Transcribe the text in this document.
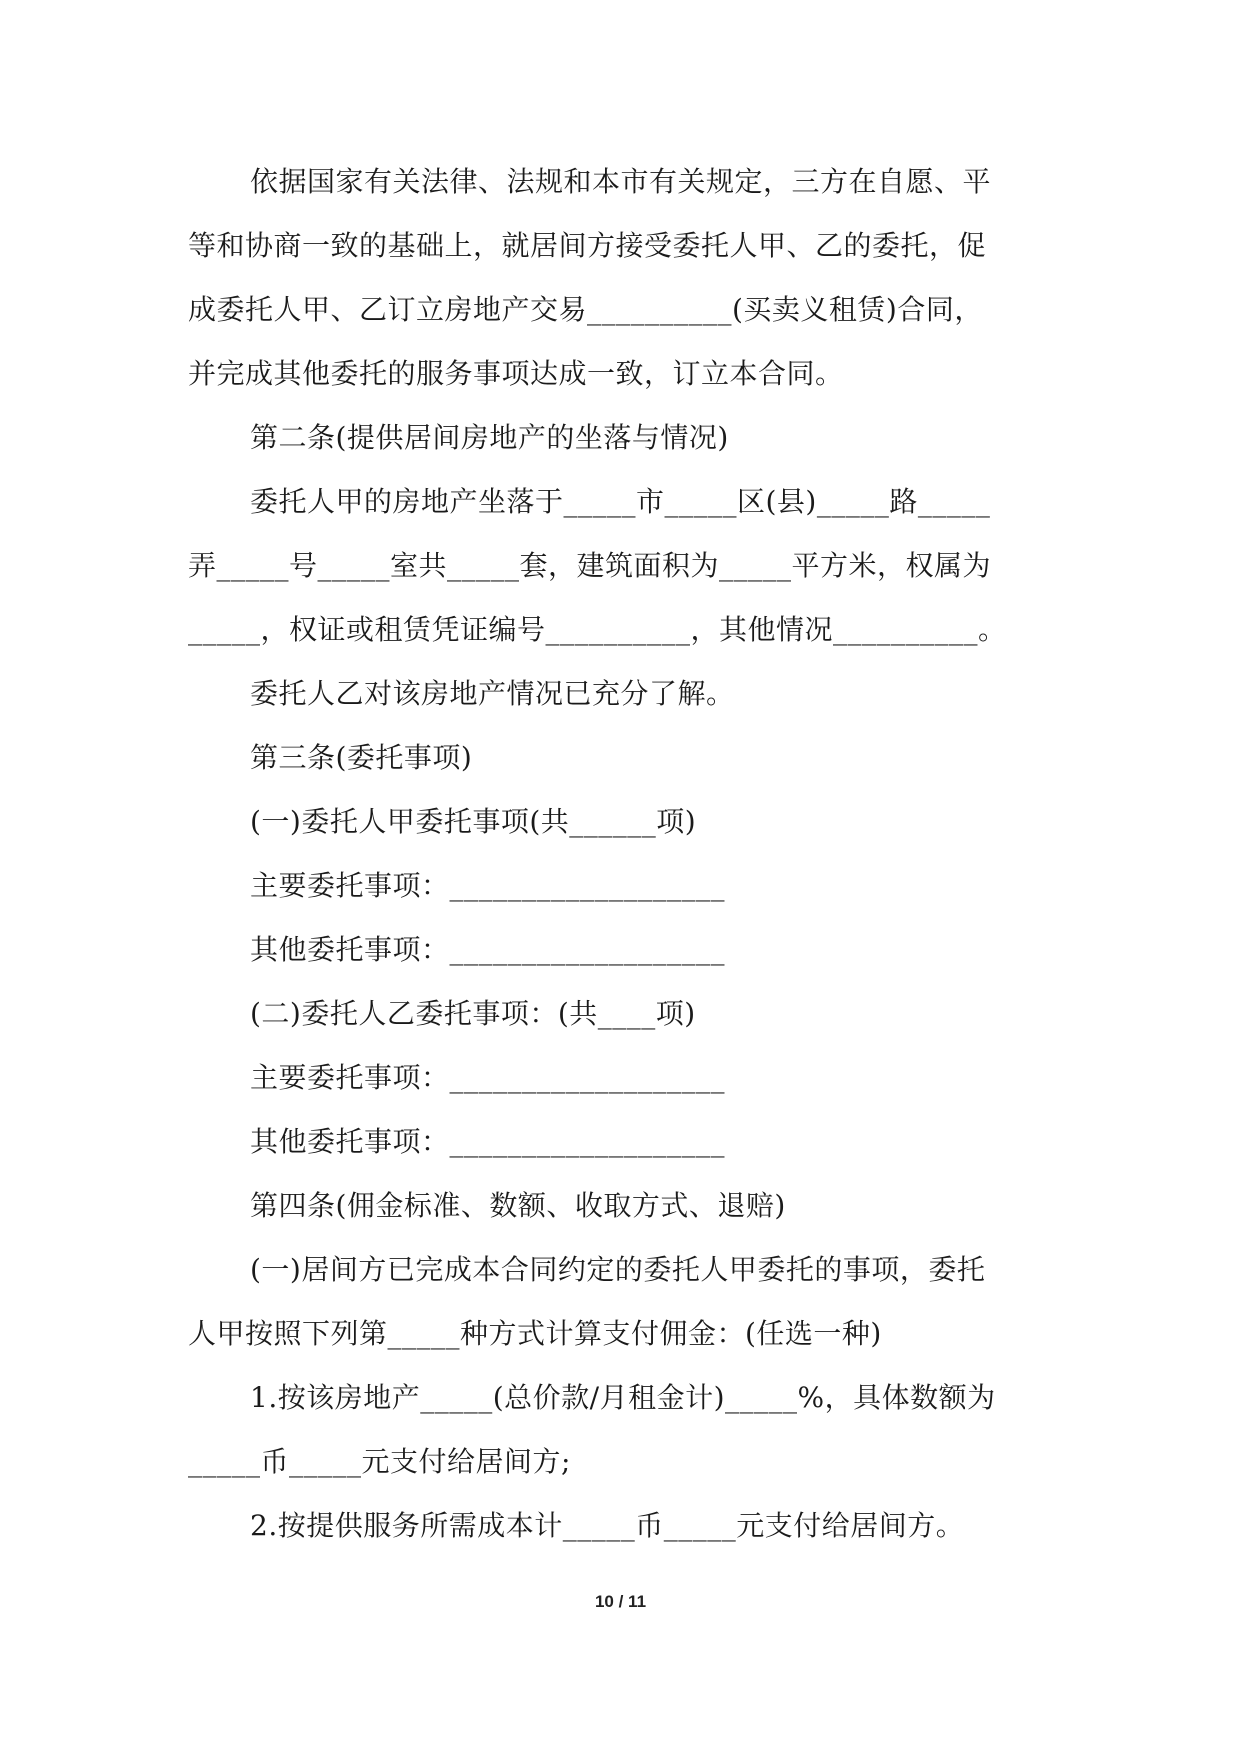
依据国家有关法律、法规和本市有关规定，三方在自愿、平
等和协商一致的基础上，就居间方接受委托人甲、乙的委托，促
成委托人甲、乙订立房地产交易__________(买卖义租赁)合同，
并完成其他委托的服务事项达成一致，订立本合同。
第二条(提供居间房地产的坐落与情况)
委托人甲的房地产坐落于_____市_____区(县)_____路_____
弄_____号_____室共_____套，建筑面积为_____平方米，权属为
_____，权证或租赁凭证编号__________，其他情况__________。
委托人乙对该房地产情况已充分了解。
第三条(委托事项)
(一)委托人甲委托事项(共______项)
主要委托事项：___________________
其他委托事项：___________________
(二)委托人乙委托事项：(共____项)
主要委托事项：___________________
其他委托事项：___________________
第四条(佣金标准、数额、收取方式、退赔)
(一)居间方已完成本合同约定的委托人甲委托的事项，委托
人甲按照下列第_____种方式计算支付佣金：(任选一种)
1.按该房地产_____(总价款/月租金计)_____%，具体数额为
_____币_____元支付给居间方;
2.按提供服务所需成本计_____币_____元支付给居间方。
10 / 11
